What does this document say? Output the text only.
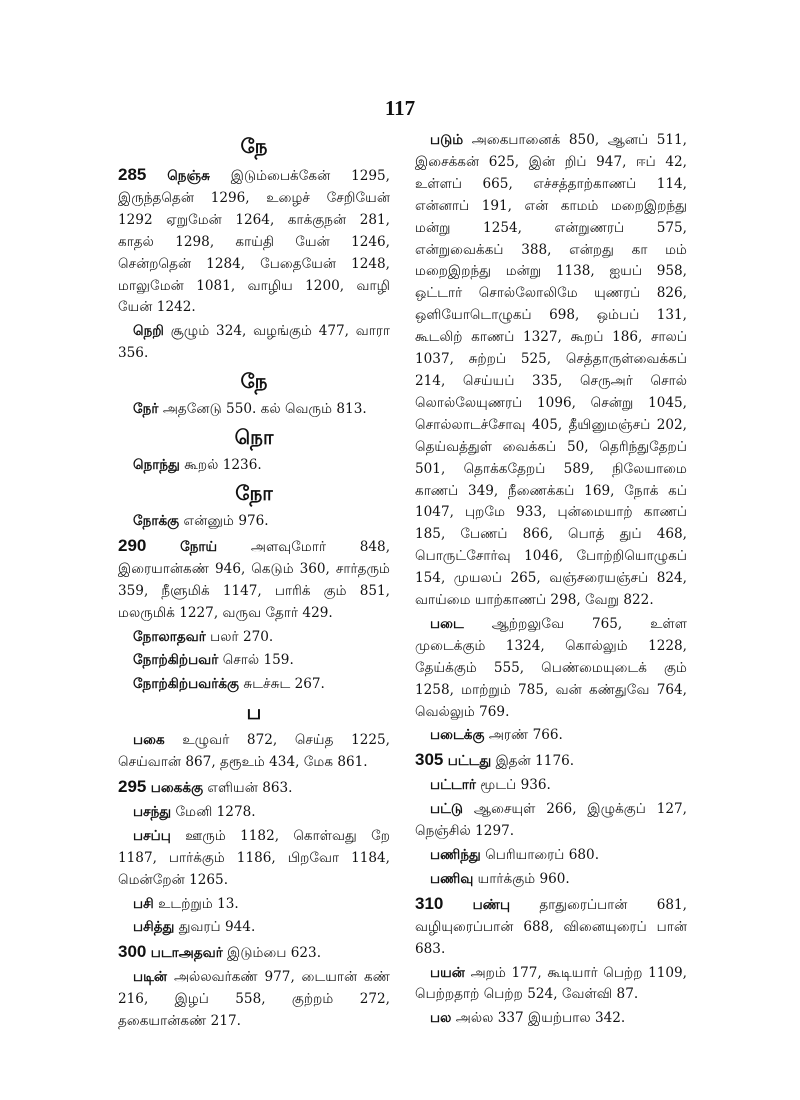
117
நே
285 நெஞ்சு இடும்பைக்கேன் 1295, இருந்ததென் 1296, உழைச் சேறியேன் 1292 ஏறுமேன் 1264, காக்குநன் 281, காதல் 1298, காய்தி யேன் 1246, சென்றதென் 1284, பேதையேன் 1248, மாலுமேன் 1081, வாழிய 1200, வாழி யேன் 1242.
நெறி சூழும் 324, வழங்கும் 477, வாரா 356.
நே
நேர் அதனேடு 550. கல் வெரும் 813.
நொ
நொந்து கூறல் 1236.
நோ
நோக்கு என்னும் 976.
290 நோய் அளவுமோர் 848, இரையான்கண் 946, கெடும் 360, சார்தரும் 359, நீளுமிக் 1147, பாரிக் கும் 851, மலருமிக் 1227, வருவ தோர் 429.
நோலாதவர் பலர் 270.
நோற்கிற்பவர் சொல் 159.
நோற்கிற்பவர்க்கு சுடச்சுட 267.
ப
பகை உழுவர் 872, செய்த 1225, செய்வான் 867, தரூஉம் 434, மேக 861.
295 பகைக்கு எளியன் 863.
பசந்து மேனி 1278.
பசப்பு ஊரும் 1182, கொள்வது றே 1187, பார்க்கும் 1186, பிறவோ 1184, மென்றேன் 1265.
பசி உடற்றும் 13.
பசித்து துவரப் 944.
300 படாஅதவர் இடும்பை 623.
படின் அல்லவர்கண் 977, டையான் கண் 216, இழப் 558, குற்றம் 272, தகையான்கண் 217.
படும் அகைபானைக் 850, ஆனப் 511, இசைக்கன் 625, இன் றிப் 947, ஈப் 42, உள்ளப் 665, எச்சத்தாற்காணப் 114, என்னாப் 191, என் காமம் மறைஇறந்து மன்று 1254, என்றுணரப் 575, என்றுவைக்கப் 388, என்றது கா மம் மறைஇறந்து மன்று 1138, ஐயப் 958, ஒட்டார் சொல்லோலிமே யுணரப் 826, ஒளியோடொழுகப் 698, ஒம்பப் 131, கூடலிற் காணப் 1327, கூறப் 186, சாலப் 1037, சுற்றப் 525, செத்தாருள்வைக்கப் 214, செய்யப் 335, செருஅர் சொல் லொல்லேயுணரப் 1096, சென்று 1045, சொல்லாடச்சோவு 405, தீயினுமஞ்சப் 202, தெய்வத்துள் வைக்கப் 50, தெரிந்துதேறப் 501, தொக்கதேறப் 589, நிலேயாமை காணப் 349, நீணைக்கப் 169, நோக் கப் 1047, புறமே 933, புன்மையாற் காணப் 185, பேணப் 866, பொத் துப் 468, பொருட்சோர்வு 1046, போற்றியொழுகப் 154, முயலப் 265, வஞ்சரையஞ்சப் 824, வாய்மை யாற்காணப் 298, வேறு 822.
படை ஆற்றலுவே 765, உள்ள முடைக்கும் 1324, கொல்லும் 1228, தேய்க்கும் 555, பெண்மையுடைக் கும் 1258, மாற்றும் 785, வன் கண்துவே 764, வெல்லும் 769.
படைக்கு அரண் 766.
305 பட்டது இதன் 1176.
பட்டார் மூடப் 936.
பட்டு ஆசையுள் 266, இழுக்குப் 127, நெஞ்சில் 1297.
பணிந்து பெரியாரைப் 680.
பணிவு யார்க்கும் 960.
310 பண்பு தாதுரைப்பான் 681, வழியுரைப்பான் 688, வினையுரைப் பான் 683.
பயன் அறம் 177, கூடியார் பெற்ற 1109, பெற்றதாற் பெற்ற 524, வேள்வி 87.
பல அல்ல 337 இயற்பால 342.
